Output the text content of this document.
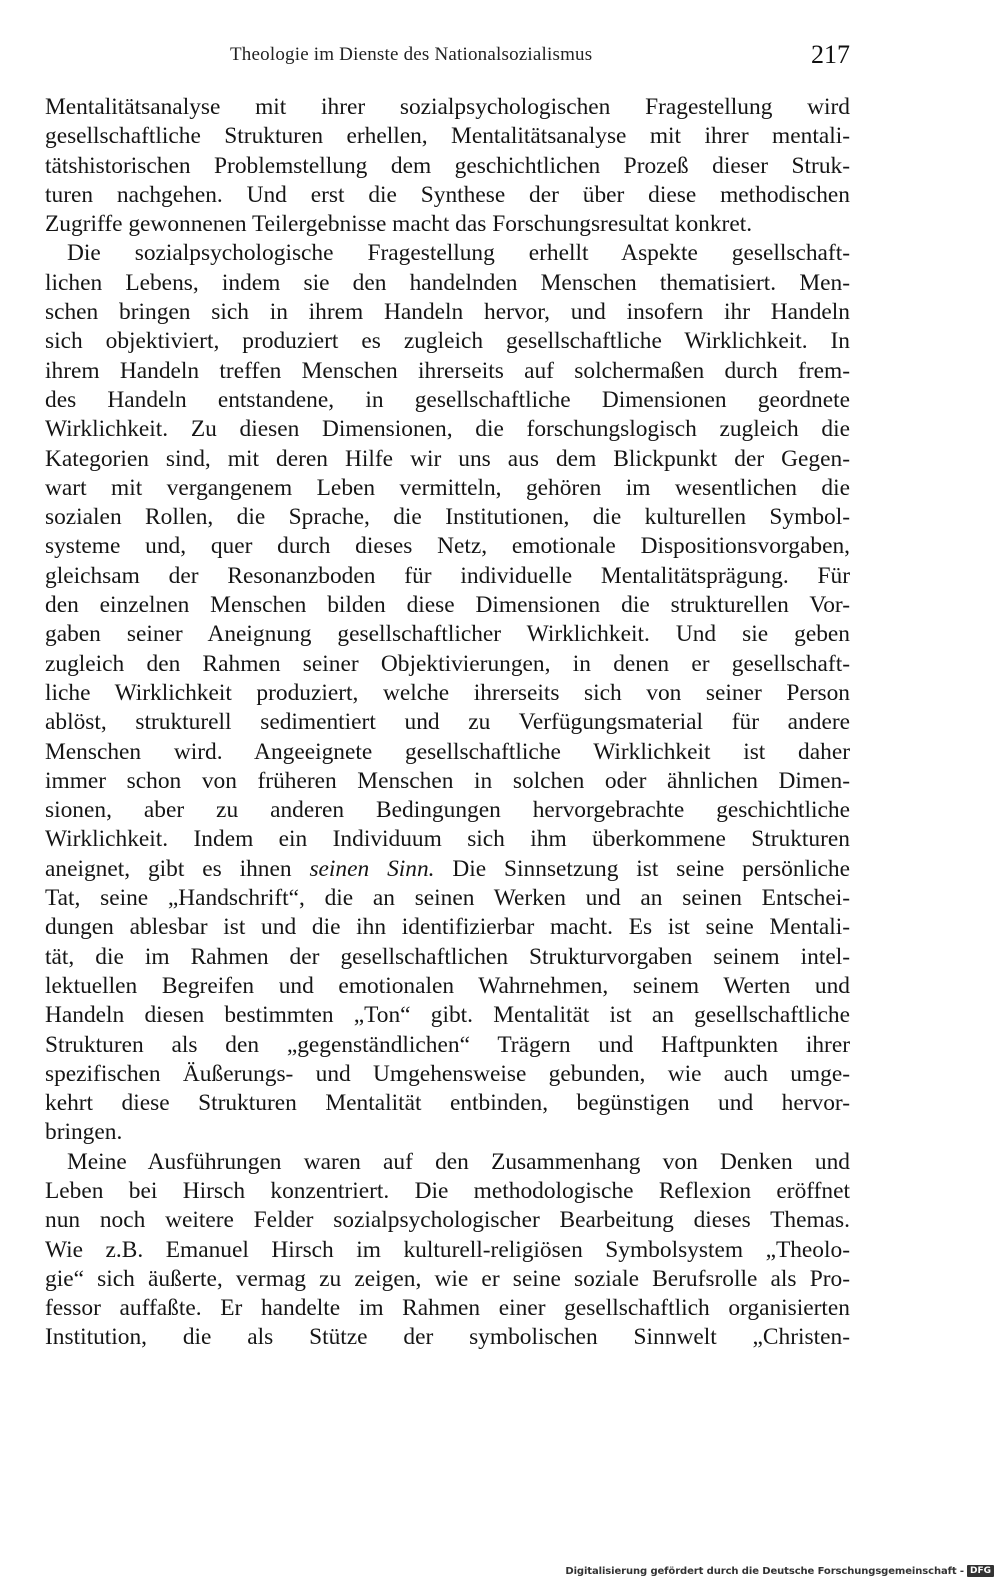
Theologie im Dienste des Nationalsozialismus	217
Mentalitätsanalyse mit ihrer sozialpsychologischen Fragestellung wird
gesellschaftliche Strukturen erhellen, Mentalitätsanalyse mit ihrer mentali-
tätshistorischen Problemstellung dem geschichtlichen Prozeß dieser Struk-
turen nachgehen. Und erst die Synthese der über diese methodischen
Zugriffe gewonnenen Teilergebnisse macht das Forschungsresultat konkret.
Die sozialpsychologische Fragestellung erhellt Aspekte gesellschaft-
lichen Lebens, indem sie den handelnden Menschen thematisiert. Men-
schen bringen sich in ihrem Handeln hervor, und insofern ihr Handeln
sich objektiviert, produziert es zugleich gesellschaftliche Wirklichkeit. In
ihrem Handeln treffen Menschen ihrerseits auf solchermaßen durch frem-
des Handeln entstandene, in gesellschaftliche Dimensionen geordnete
Wirklichkeit. Zu diesen Dimensionen, die forschungslogisch zugleich die
Kategorien sind, mit deren Hilfe wir uns aus dem Blickpunkt der Gegen-
wart mit vergangenem Leben vermitteln, gehören im wesentlichen die
sozialen Rollen, die Sprache, die Institutionen, die kulturellen Symbol-
systeme und, quer durch dieses Netz, emotionale Dispositionsvorgaben,
gleichsam der Resonanzboden für individuelle Mentalitätsprägung. Für
den einzelnen Menschen bilden diese Dimensionen die strukturellen Vor-
gaben seiner Aneignung gesellschaftlicher Wirklichkeit. Und sie geben
zugleich den Rahmen seiner Objektivierungen, in denen er gesellschaft-
liche Wirklichkeit produziert, welche ihrerseits sich von seiner Person
ablöst, strukturell sedimentiert und zu Verfügungsmaterial für andere
Menschen wird. Angeeignete gesellschaftliche Wirklichkeit ist daher
immer schon von früheren Menschen in solchen oder ähnlichen Dimen-
sionen, aber zu anderen Bedingungen hervorgebrachte geschichtliche
Wirklichkeit. Indem ein Individuum sich ihm überkommene Strukturen
aneignet, gibt es ihnen seinen Sinn. Die Sinnsetzung ist seine persönliche
Tat, seine „Handschrift“, die an seinen Werken und an seinen Entschei-
dungen ablesbar ist und die ihn identifizierbar macht. Es ist seine Mentali-
tät, die im Rahmen der gesellschaftlichen Strukturvorgaben seinem intel-
lektuellen Begreifen und emotionalen Wahrnehmen, seinem Werten und
Handeln diesen bestimmten „Ton“ gibt. Mentalität ist an gesellschaftliche
Strukturen als den „gegenständlichen“ Trägern und Haftpunkten ihrer
spezifischen Äußerungs- und Umgehensweise gebunden, wie auch umge-
kehrt diese Strukturen Mentalität entbinden, begünstigen und hervor-
bringen.
Meine Ausführungen waren auf den Zusammenhang von Denken und
Leben bei Hirsch konzentriert. Die methodologische Reflexion eröffnet
nun noch weitere Felder sozialpsychologischer Bearbeitung dieses Themas.
Wie z.B. Emanuel Hirsch im kulturell-religiösen Symbolsystem „Theolo-
gie“ sich äußerte, vermag zu zeigen, wie er seine soziale Berufsrolle als Pro-
fessor auffaßte. Er handelte im Rahmen einer gesellschaftlich organisierten
Institution, die als Stütze der symbolischen Sinnwelt „Christen-
Digitalisierung gefördert durch die Deutsche Forschungsgemeinschaft - DFG
